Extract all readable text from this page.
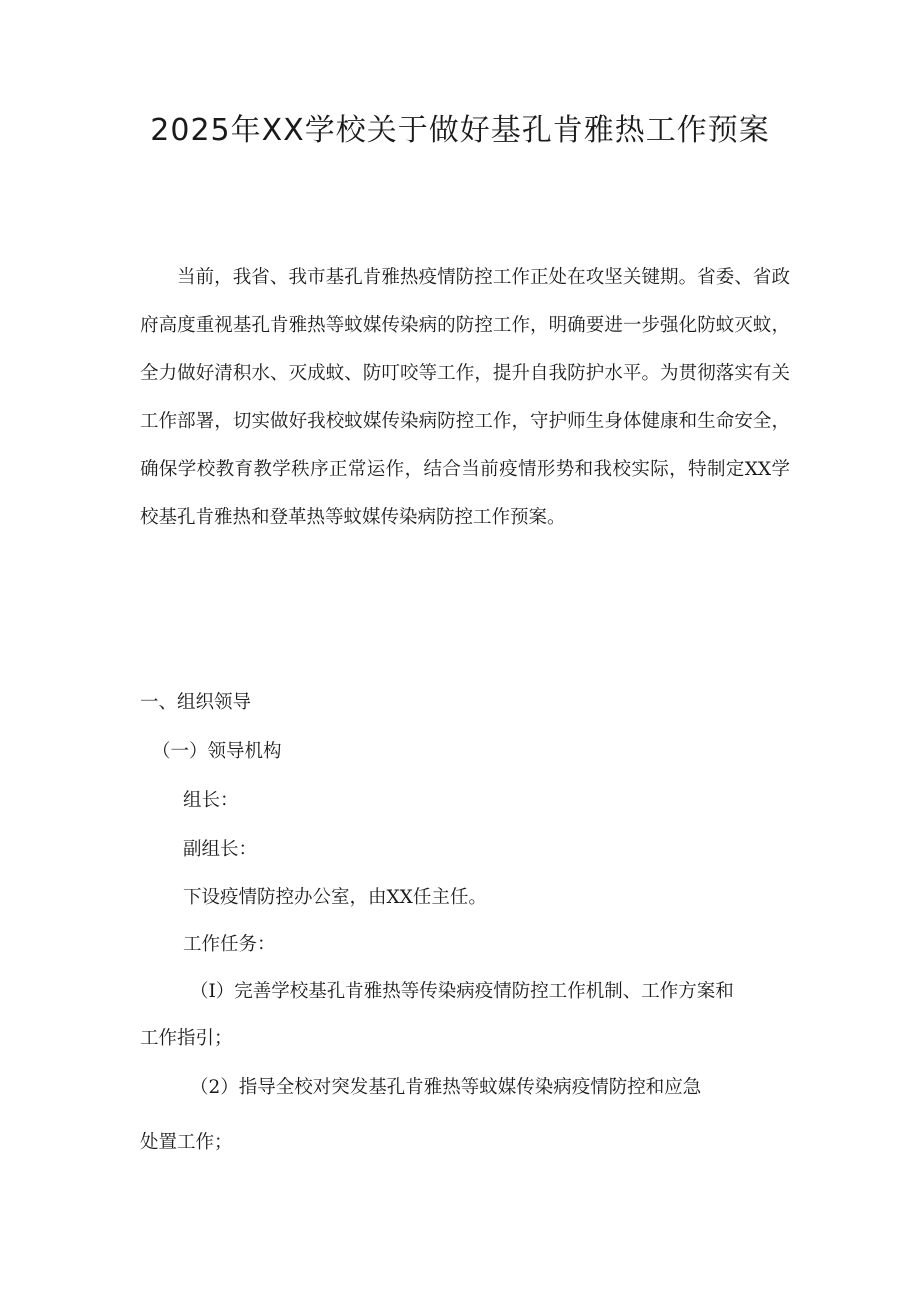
2025年XX学校关于做好基孔肯雅热工作预案

当前，我省、我市基孔肯雅热疫情防控工作正处在攻坚关键期。省委、省政府高度重视基孔肯雅热等蚊媒传染病的防控工作，明确要进一步强化防蚊灭蚊，全力做好清积水、灭成蚊、防叮咬等工作，提升自我防护水平。为贯彻落实有关工作部署，切实做好我校蚊媒传染病防控工作，守护师生身体健康和生命安全，确保学校教育教学秩序正常运作，结合当前疫情形势和我校实际，特制定XX学校基孔肯雅热和登革热等蚊媒传染病防控工作预案。

一、组织领导

（一）领导机构

组长：

副组长：

下设疫情防控办公室，由XX任主任。

工作任务：

（I）完善学校基孔肯雅热等传染病疫情防控工作机制、工作方案和

工作指引；

（2）指导全校对突发基孔肯雅热等蚊媒传染病疫情防控和应急

处置工作；
